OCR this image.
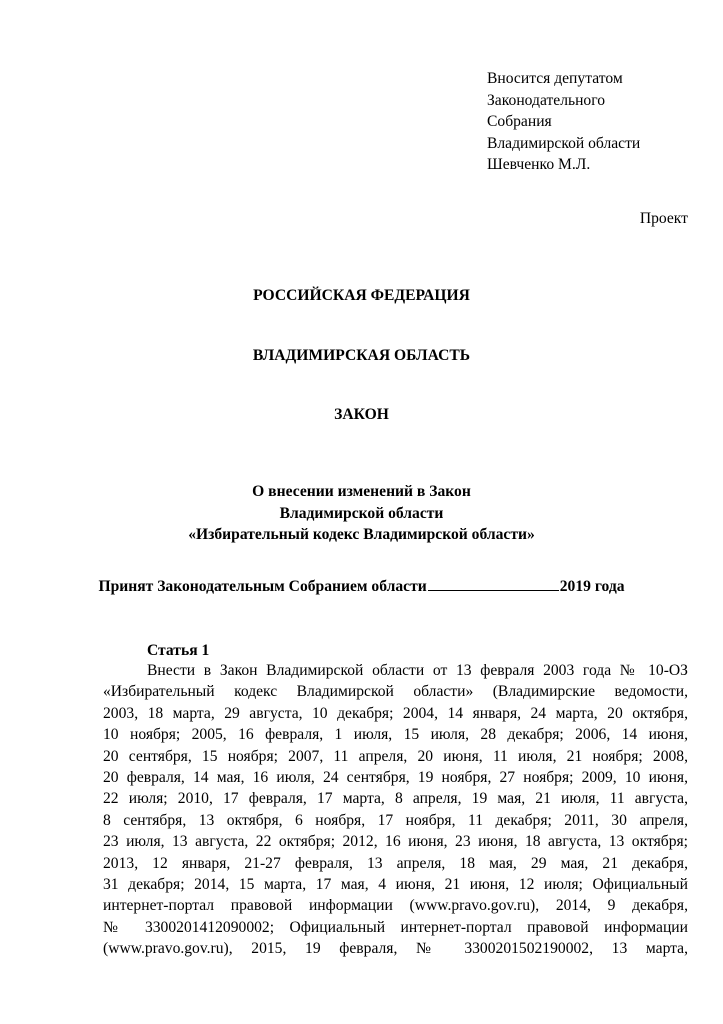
Вносится депутатом
Законодательного
Собрания
Владимирской области
Шевченко М.Л.
Проект
РОССИЙСКАЯ ФЕДЕРАЦИЯ
ВЛАДИМИРСКАЯ ОБЛАСТЬ
ЗАКОН
О внесении изменений в Закон
Владимирской области
«Избирательный кодекс Владимирской области»
Принят Законодательным Собранием области	2019 года
Статья 1
Внести в Закон Владимирской области от 13 февраля 2003 года № 10-ОЗ
«Избирательный кодекс Владимирской области» (Владимирские ведомости,
2003, 18 марта, 29 августа, 10 декабря; 2004, 14 января, 24 марта, 20 октября,
10 ноября; 2005, 16 февраля, 1 июля, 15 июля, 28 декабря; 2006, 14 июня,
20 сентября, 15 ноября; 2007, 11 апреля, 20 июня, 11 июля, 21 ноября; 2008,
20 февраля, 14 мая, 16 июля, 24 сентября, 19 ноября, 27 ноября; 2009, 10 июня,
22 июля; 2010, 17 февраля, 17 марта, 8 апреля, 19 мая, 21 июля, 11 августа,
8 сентября, 13 октября, 6 ноября, 17 ноября, 11 декабря; 2011, 30 апреля,
23 июля, 13 августа, 22 октября; 2012, 16 июня, 23 июня, 18 августа, 13 октября;
2013, 12 января, 21-27 февраля, 13 апреля, 18 мая, 29 мая, 21 декабря,
31 декабря; 2014, 15 марта, 17 мая, 4 июня, 21 июня, 12 июля; Официальный
интернет-портал правовой информации (www.pravo.gov.ru), 2014, 9 декабря,
№ 3300201412090002; Официальный интернет-портал правовой информации
(www.pravo.gov.ru), 2015, 19 февраля, № 3300201502190002, 13 марта,
